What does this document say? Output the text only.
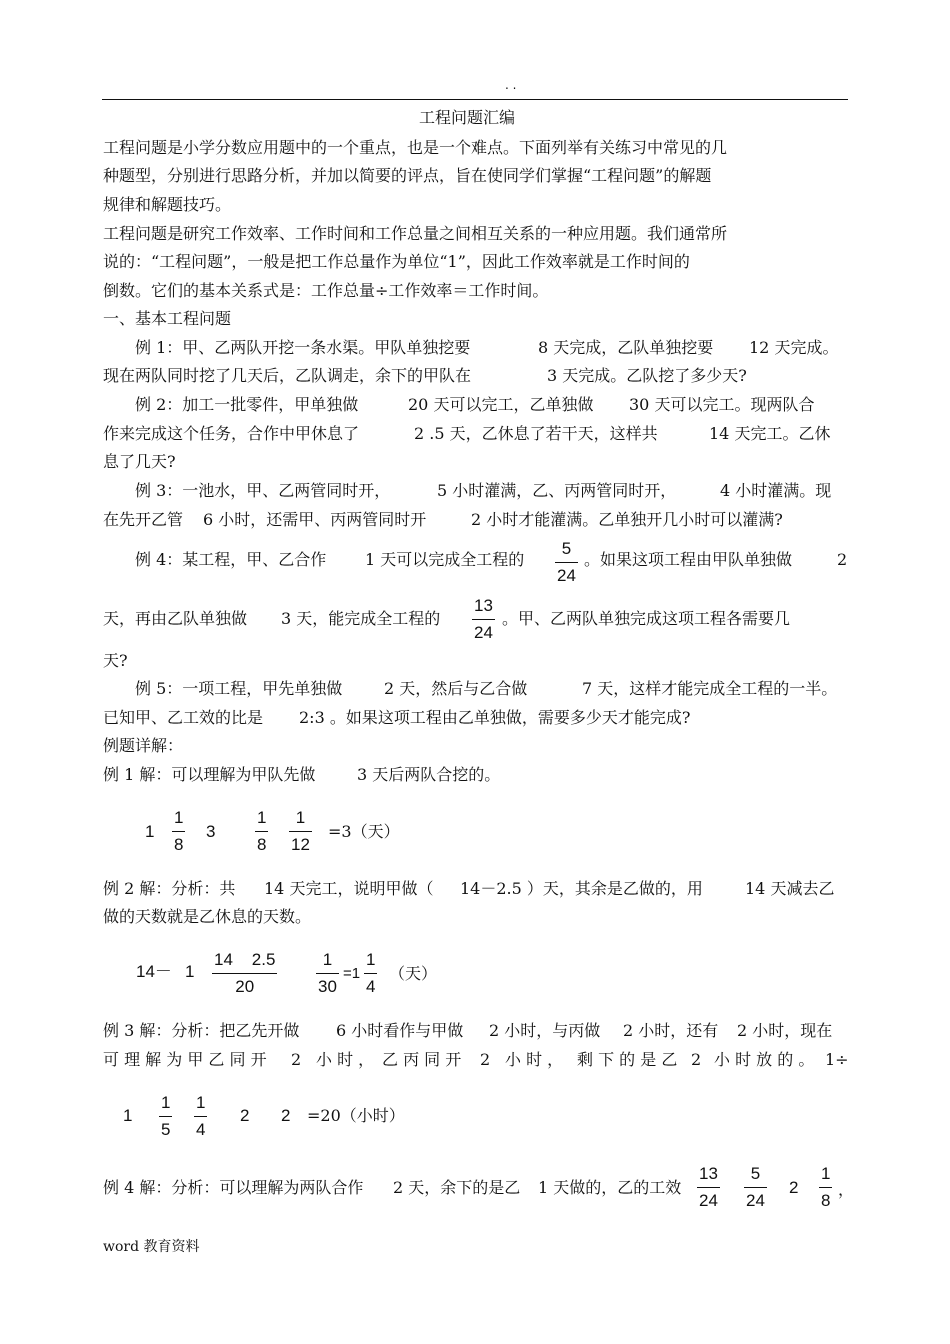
. .
工程问题汇编
工程问题是小学分数应用题中的一个重点，也是一个难点。下面列举有关练习中常见的几
种题型，分别进行思路分析，并加以简要的评点，旨在使同学们掌握“工程问题”的解题
规律和解题技巧。
工程问题是研究工作效率、工作时间和工作总量之间相互关系的一种应用题。我们通常所
说的：“工程问题”，一般是把工作总量作为单位“1”，因此工作效率就是工作时间的
倒数。它们的基本关系式是：工作总量÷工作效率＝工作时间。
一、基本工程问题
例 1：甲、乙两队开挖一条水渠。甲队单独挖要	8 天完成，乙队单独挖要 12 天完成。
现在两队同时挖了几天后，乙队调走，余下的甲队在	3 天完成。乙队挖了多少天?
例 2：加工一批零件，甲单独做	20 天可以完工，乙单独做 30 天可以完工。现两队合
作来完成这个任务，合作中甲休息了	2 .5 天，乙休息了若干天，这样共	14 天完工。乙休
息了几天?
例 3：一池水，甲、乙两管同时开，	5 小时灌满，乙、丙两管同时开，	4 小时灌满。现
在先开乙管 6 小时，还需甲、丙两管同时开	2 小时才能灌满。乙单独开几小时可以灌满?
例 4：某工程，甲、乙合作 1 天可以完成全工程的
5
24
。如果这项工程由甲队单独做	2
天，再由乙队单独做 3 天，能完成全工程的
13
24
。甲、乙两队单独完成这项工程各需要几
天?
例 5：一项工程，甲先单独做	2 天，然后与乙合做	7 天，这样才能完成全工程的一半。
已知甲、乙工效的比是 2:3 。如果这项工程由乙单独做，需要多少天才能完成?
例题详解：
例 1 解：可以理解为甲队先做	3 天后两队合挖的。
1
1
8
3
1
8
1
12
=3（天）
例 2 解：分析：共 14 天完工，说明甲做（ 14－2.5 ）天，其余是乙做的，用	14 天减去乙
做的天数就是乙休息的天数。
14－ 1
14    2.5
20
1
30
=1
1
4
（天）
例 3 解：分析：把乙先开做 6 小时看作与甲做 2 小时，与丙做 2 小时，还有 2 小时，现在
可 理 解 为 甲 乙 同 开 2 小 时 ， 乙 丙 同 开 2 小 时 ， 剩 下 的 是 乙 2 小 时 放 的 。 1÷
1
1
5
1
4
2 2 =20（小时）
例 4 解：分析：可以理解为两队合作 2 天，余下的是乙 1 天做的，乙的工效
13
24
5
24
2
1
8
，
word 教育资料
